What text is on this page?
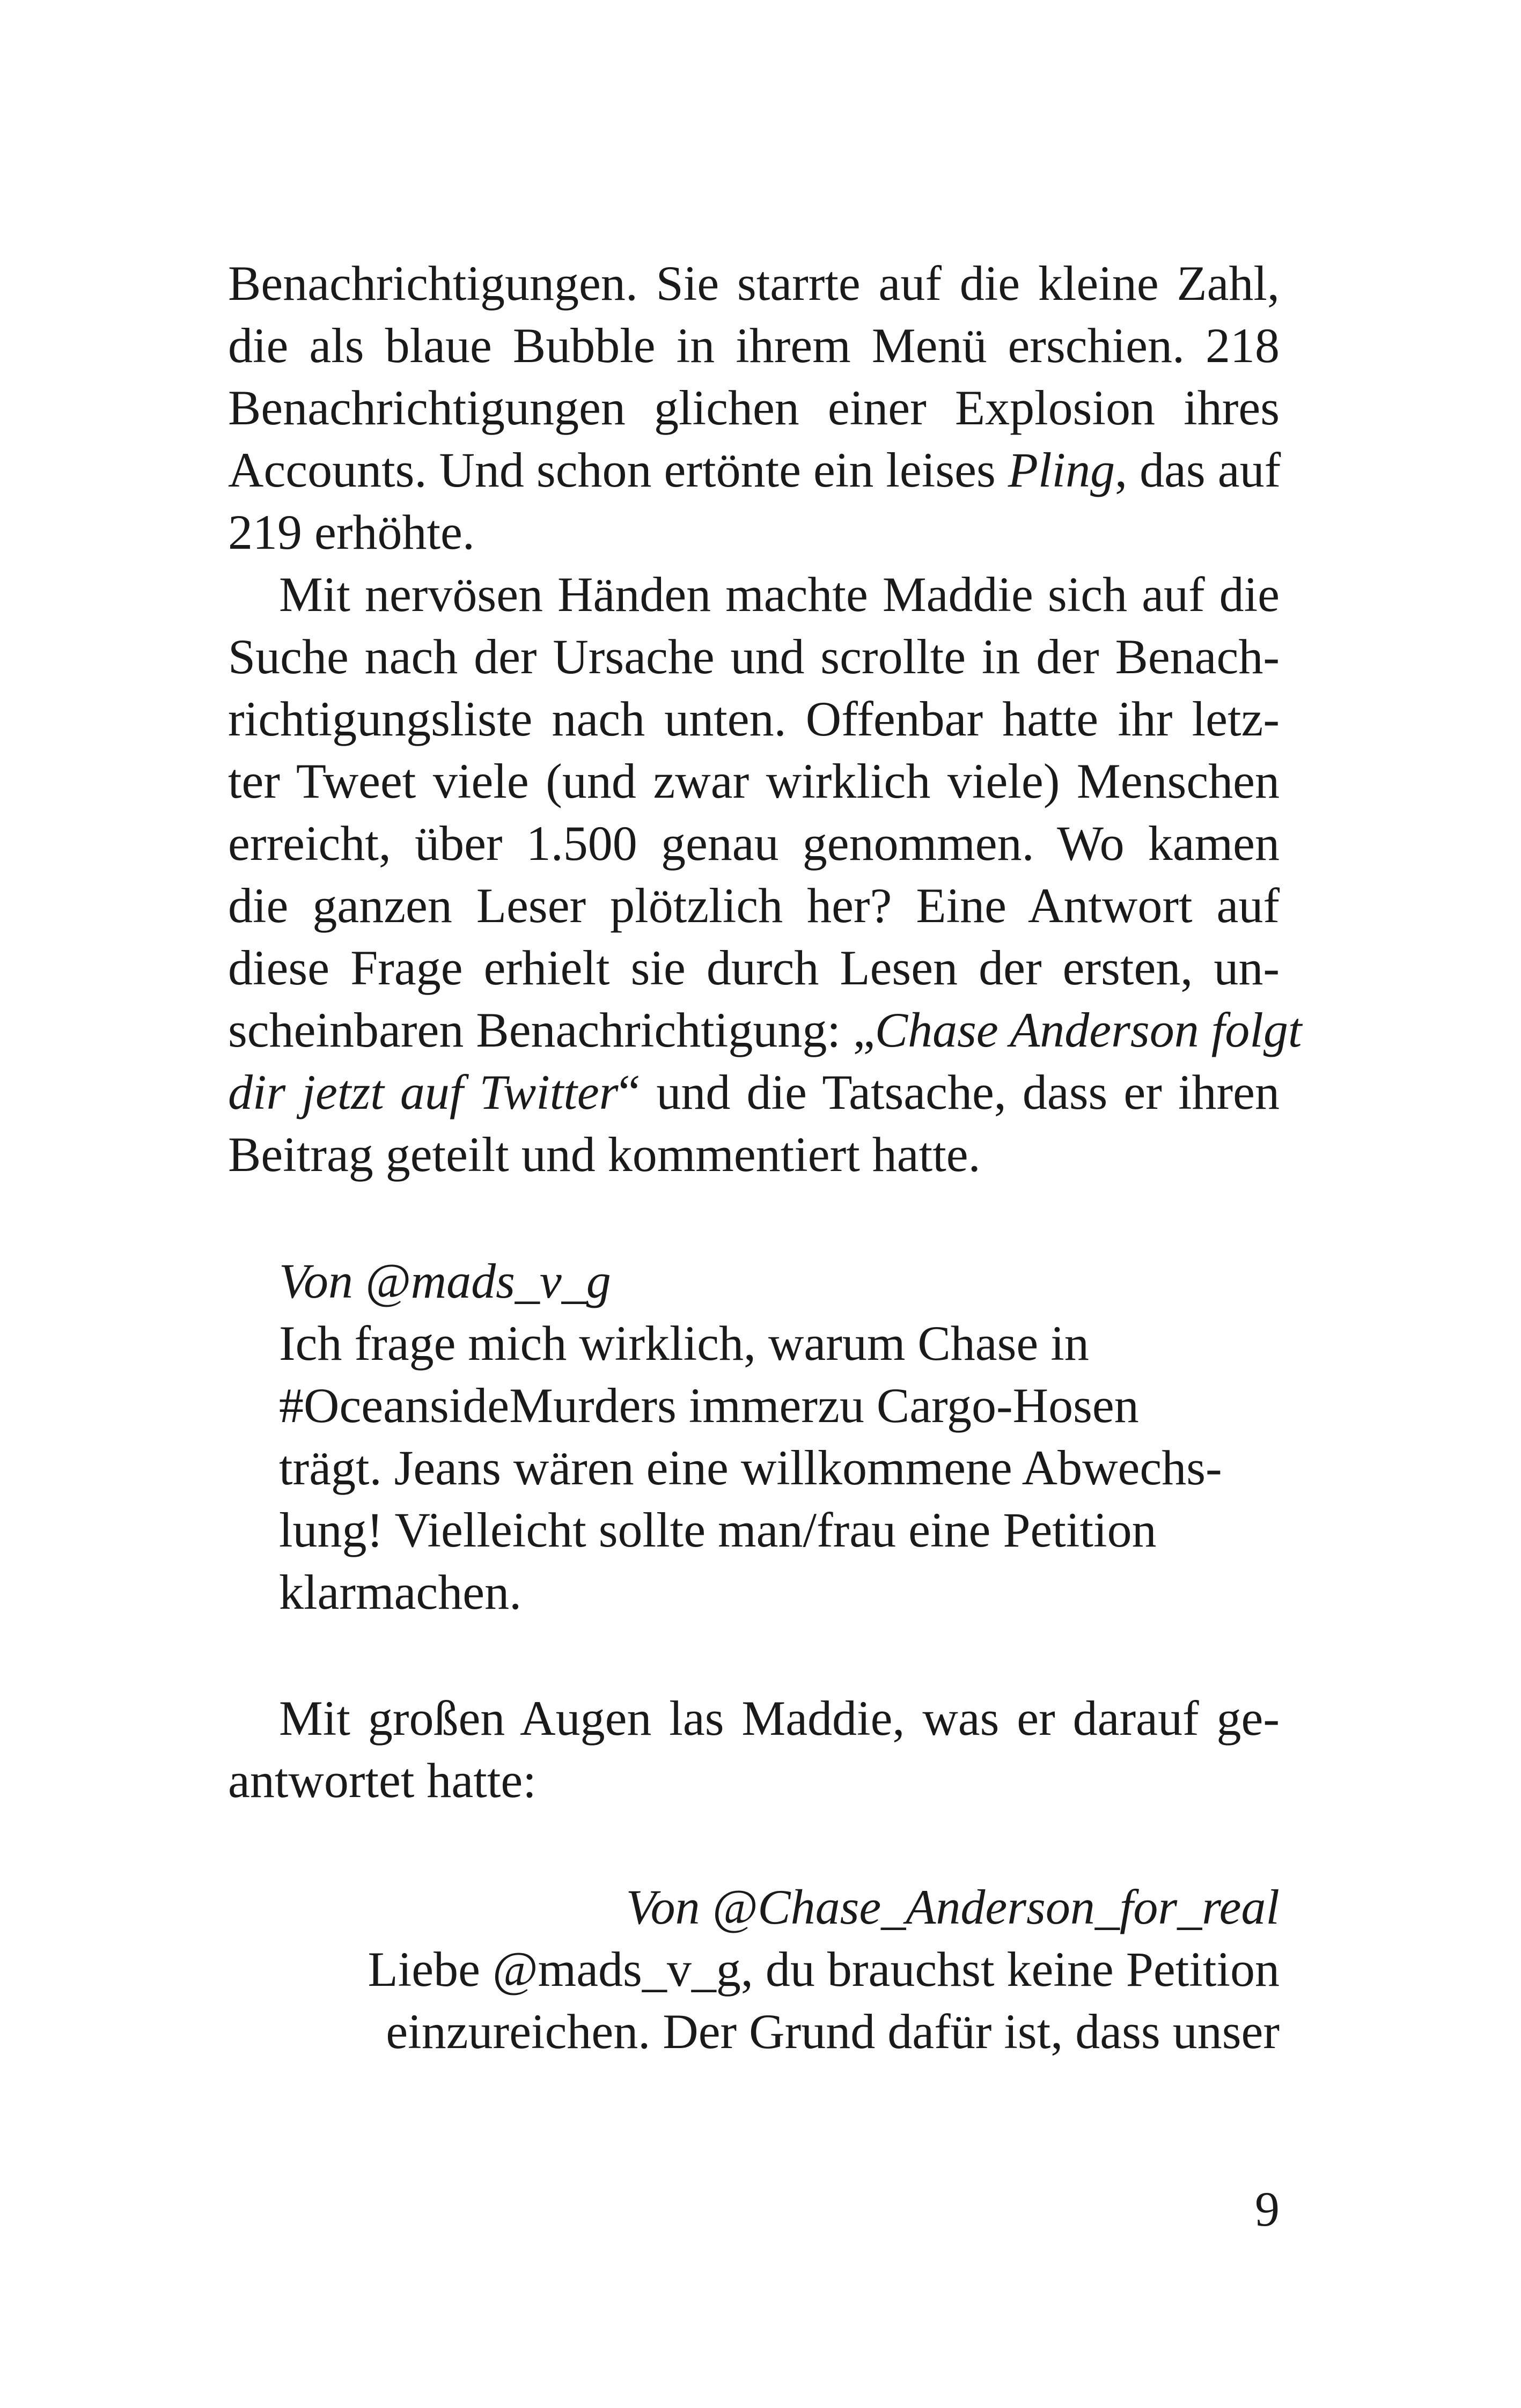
Benachrichtigungen. Sie starrte auf die kleine Zahl,
die als blaue Bubble in ihrem Menü erschien. 218
Benachrichtigungen glichen einer Explosion ihres
Accounts. Und schon ertönte ein leises Pling, das auf
219 erhöhte.
Mit nervösen Händen machte Maddie sich auf die
Suche nach der Ursache und scrollte in der Benach-
richtigungsliste nach unten. Offenbar hatte ihr letz-
ter Tweet viele (und zwar wirklich viele) Menschen
erreicht, über 1.500 genau genommen. Wo kamen
die ganzen Leser plötzlich her? Eine Antwort auf
diese Frage erhielt sie durch Lesen der ersten, un-
scheinbaren Benachrichtigung: „Chase Anderson folgt
dir jetzt auf Twitter“ und die Tatsache, dass er ihren
Beitrag geteilt und kommentiert hatte.
Von @mads_v_g
Ich frage mich wirklich, warum Chase in
#OceansideMurders immerzu Cargo-Hosen
trägt. Jeans wären eine willkommene Abwechs-
lung! Vielleicht sollte man/frau eine Petition
klarmachen.
Mit großen Augen las Maddie, was er darauf ge-
antwortet hatte:
Von @Chase_Anderson_for_real
Liebe @mads_v_g, du brauchst keine Petition
einzureichen. Der Grund dafür ist, dass unser
9
